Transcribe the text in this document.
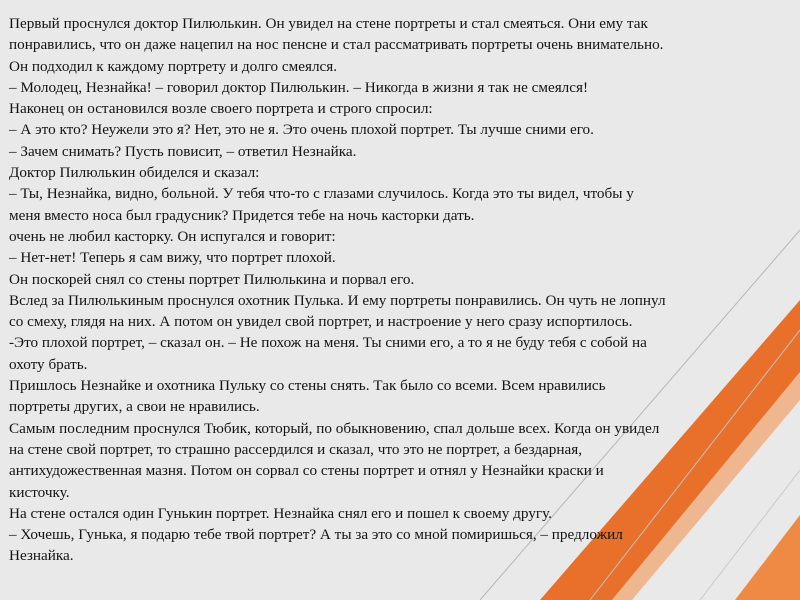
Первый проснулся доктор Пилюлькин. Он увидел на стене портреты и стал смеяться. Они ему так
понравились, что он даже нацепил на нос пенсне и стал рассматривать портреты очень внимательно.
Он подходил к каждому портрету и долго смеялся.
– Молодец, Незнайка! – говорил доктор Пилюлькин. – Никогда в жизни я так не смеялся!
Наконец он остановился возле своего портрета и строго спросил:
– А это кто? Неужели это я? Нет, это не я. Это очень плохой портрет. Ты лучше сними его.
– Зачем снимать? Пусть повисит, – ответил Незнайка.
Доктор Пилюлькин обиделся и сказал:
– Ты, Незнайка, видно, больной. У тебя что-то с глазами случилось. Когда это ты видел, чтобы у
меня вместо носа был градусник? Придется тебе на ночь касторки дать.
очень не любил касторку. Он испугался и говорит:
– Нет-нет! Теперь я сам вижу, что портрет плохой.
Он поскорей снял со стены портрет Пилюлькина и порвал его.
Вслед за Пилюлькиным проснулся охотник Пулька. И ему портреты понравились. Он чуть не лопнул
со смеху, глядя на них. А потом он увидел свой портрет, и настроение у него сразу испортилось.
-Это плохой портрет, – сказал он. – Не похож на меня. Ты сними его, а то я не буду тебя с собой на
охоту брать.
Пришлось Незнайке и охотника Пульку со стены снять. Так было со всеми. Всем нравились
портреты других, а свои не нравились.
Самым последним проснулся Тюбик, который, по обыкновению, спал дольше всех. Когда он увидел
на стене свой портрет, то страшно рассердился и сказал, что это не портрет, а бездарная,
антихудожественная мазня. Потом он сорвал со стены портрет и отнял у Незнайки краски и
кисточку.
На стене остался один Гунькин портрет. Незнайка снял его и пошел к своему другу.
– Хочешь, Гунька, я подарю тебе твой портрет? А ты за это со мной помиришься, – предложил
Незнайка.
